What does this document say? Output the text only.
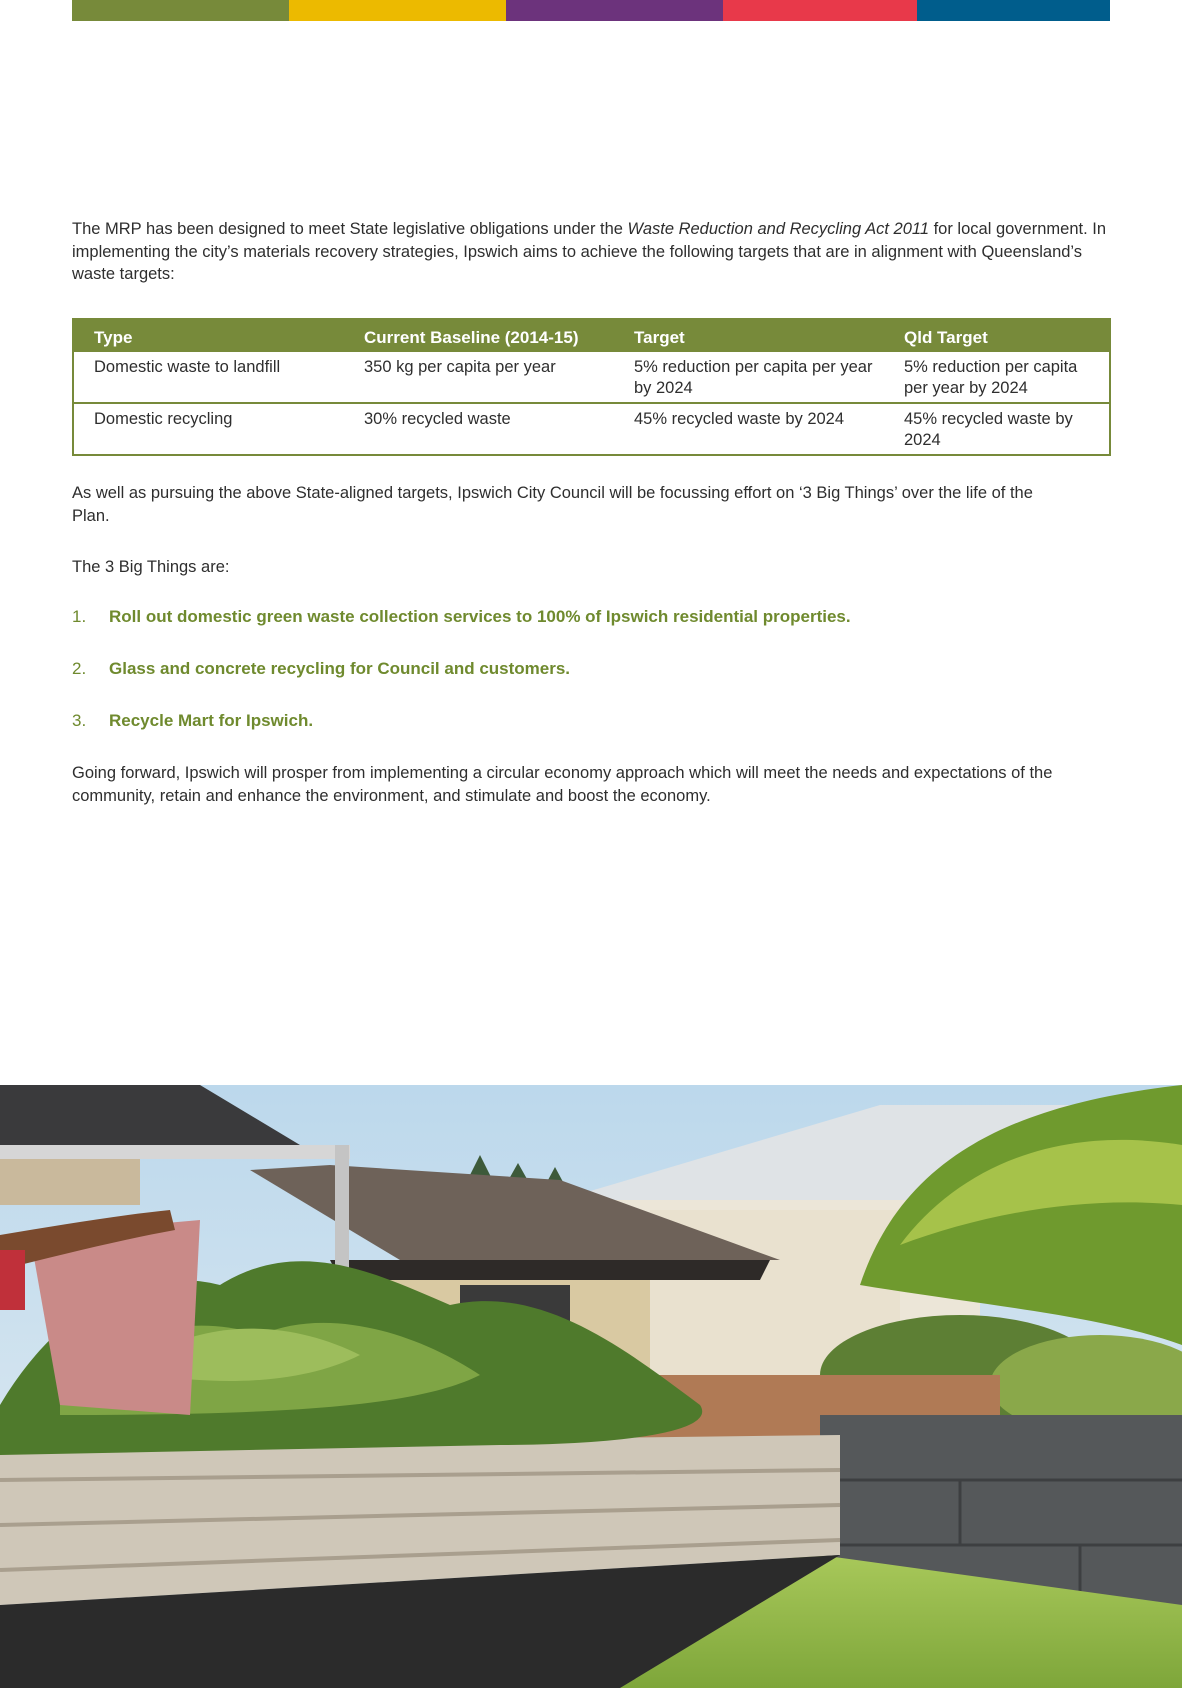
The MRP has been designed to meet State legislative obligations under the Waste Reduction and Recycling Act 2011 for local government. In implementing the city’s materials recovery strategies, Ipswich aims to achieve the following targets that are in alignment with Queensland’s waste targets:

Type	Current Baseline (2014-15)	Target	Qld Target
Domestic waste to landfill	350 kg per capita per year	5% reduction per capita per year by 2024	5% reduction per capita per year by 2024
Domestic recycling	30% recycled waste	45% recycled waste by 2024	45% recycled waste by 2024

As well as pursuing the above State-aligned targets, Ipswich City Council will be focussing effort on ‘3 Big Things’ over the life of the Plan.

The 3 Big Things are:

1.	Roll out domestic green waste collection services to 100% of Ipswich residential properties.
2.	Glass and concrete recycling for Council and customers.
3.	Recycle Mart for Ipswich.

Going forward, Ipswich will prosper from implementing a circular economy approach which will meet the needs and expectations of the community, retain and enhance the environment, and stimulate and boost the economy.
